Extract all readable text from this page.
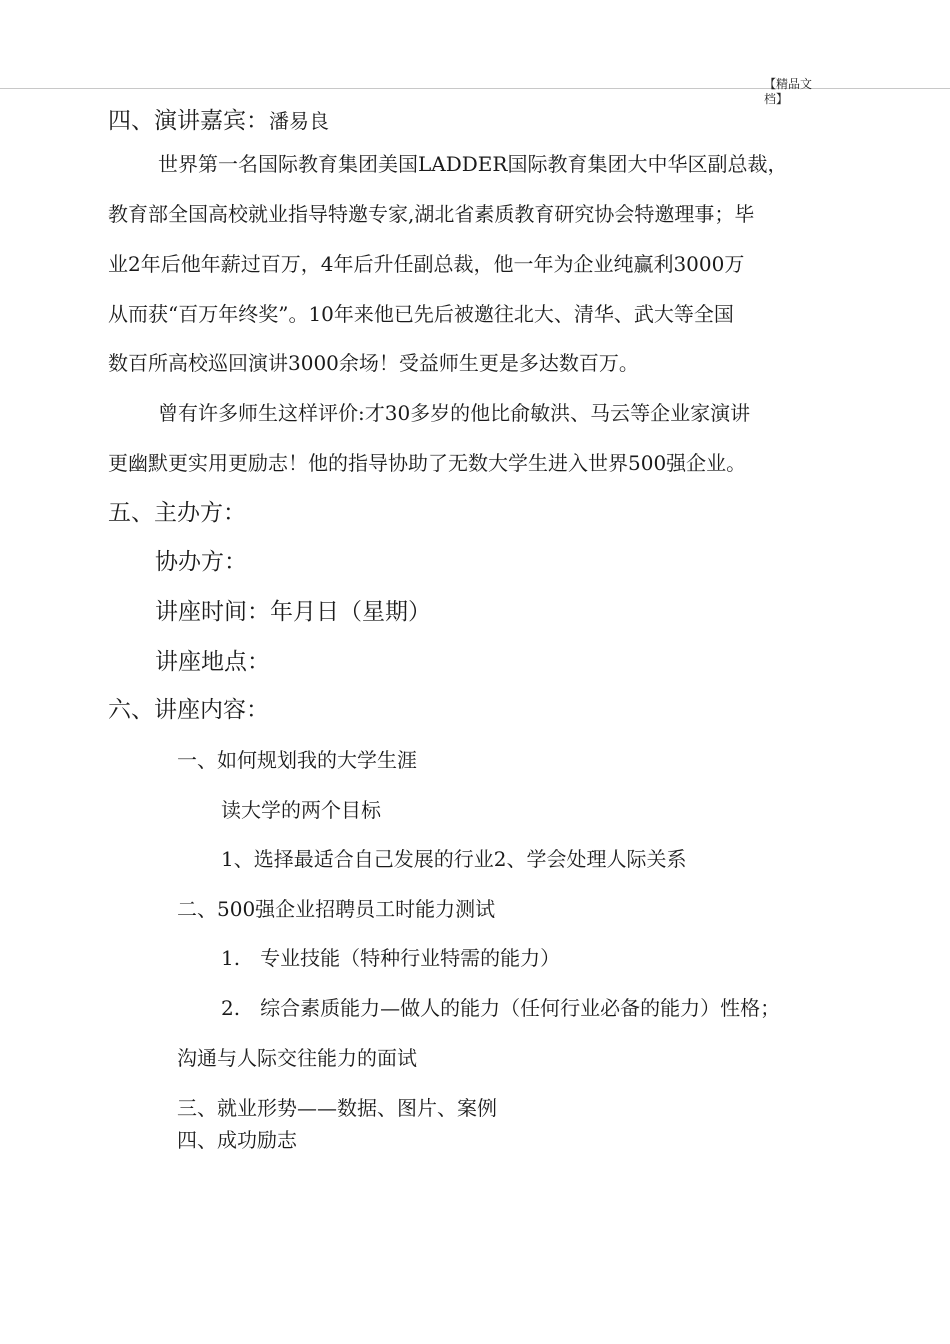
【精品文档】
四、演讲嘉宾：潘易良
世界第一名国际教育集团美国LADDER国际教育集团大中华区副总裁，
教育部全国高校就业指导特邀专家,湖北省素质教育研究协会特邀理事；毕
业2年后他年薪过百万，4年后升任副总裁，他一年为企业纯赢利3000万
从而获“百万年终奖”。10年来他已先后被邀往北大、清华、武大等全国
数百所高校巡回演讲3000余场！受益师生更是多达数百万。
曾有许多师生这样评价:才30多岁的他比俞敏洪、马云等企业家演讲
更幽默更实用更励志！他的指导协助了无数大学生进入世界500强企业。
五、主办方：
协办方：
讲座时间：年月日（星期）
讲座地点：
六、讲座内容：
一、如何规划我的大学生涯
读大学的两个目标
1、选择最适合自己发展的行业2、学会处理人际关系
二、500强企业招聘员工时能力测试
1.　专业技能（特种行业特需的能力）
2.　综合素质能力—做人的能力（任何行业必备的能力）性格；
沟通与人际交往能力的面试
三、就业形势——数据、图片、案例
四、成功励志
